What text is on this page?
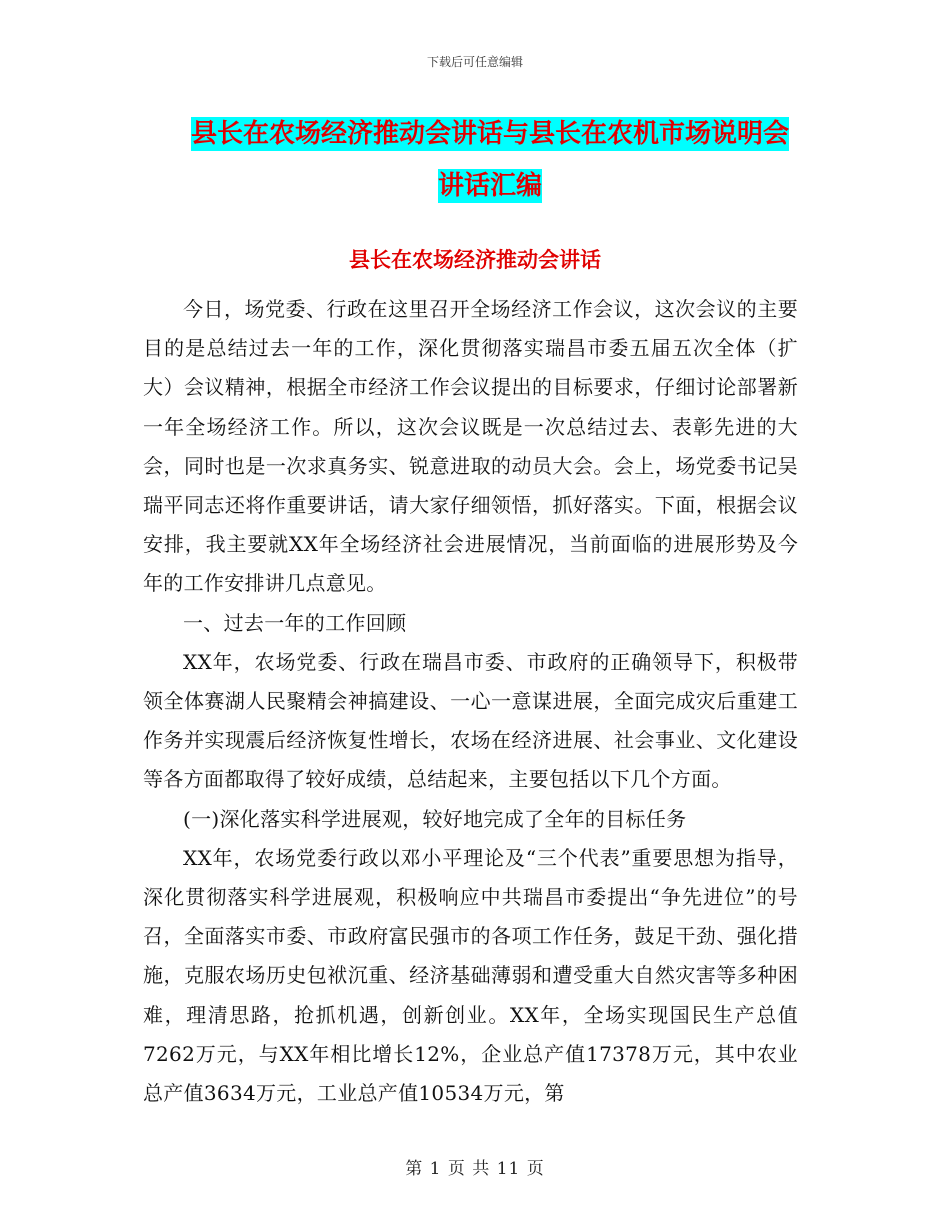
下载后可任意编辑
县长在农场经济推动会讲话与县长在农机市场说明会
讲话汇编
县长在农场经济推动会讲话

今日，场党委、行政在这里召开全场经济工作会议，这次会议的主要目的是总结过去一年的工作，深化贯彻落实瑞昌市委五届五次全体（扩大）会议精神，根据全市经济工作会议提出的目标要求，仔细讨论部署新一年全场经济工作。所以，这次会议既是一次总结过去、表彰先进的大会，同时也是一次求真务实、锐意进取的动员大会。会上，场党委书记吴瑞平同志还将作重要讲话，请大家仔细领悟，抓好落实。下面，根据会议安排，我主要就XX年全场经济社会进展情况，当前面临的进展形势及今年的工作安排讲几点意见。

一、过去一年的工作回顾

XX年，农场党委、行政在瑞昌市委、市政府的正确领导下，积极带领全体赛湖人民聚精会神搞建设、一心一意谋进展，全面完成灾后重建工作务并实现震后经济恢复性增长，农场在经济进展、社会事业、文化建设等各方面都取得了较好成绩，总结起来，主要包括以下几个方面。

(一)深化落实科学进展观，较好地完成了全年的目标任务

XX年，农场党委行政以邓小平理论及“三个代表”重要思想为指导，深化贯彻落实科学进展观，积极响应中共瑞昌市委提出“争先进位”的号召，全面落实市委、市政府富民强市的各项工作任务，鼓足干劲、强化措施，克服农场历史包袱沉重、经济基础薄弱和遭受重大自然灾害等多种困难，理清思路，抢抓机遇，创新创业。XX年，全场实现国民生产总值7262万元，与XX年相比增长12%，企业总产值17378万元，其中农业总产值3634万元，工业总产值10534万元，第

第 1 页 共 11 页
